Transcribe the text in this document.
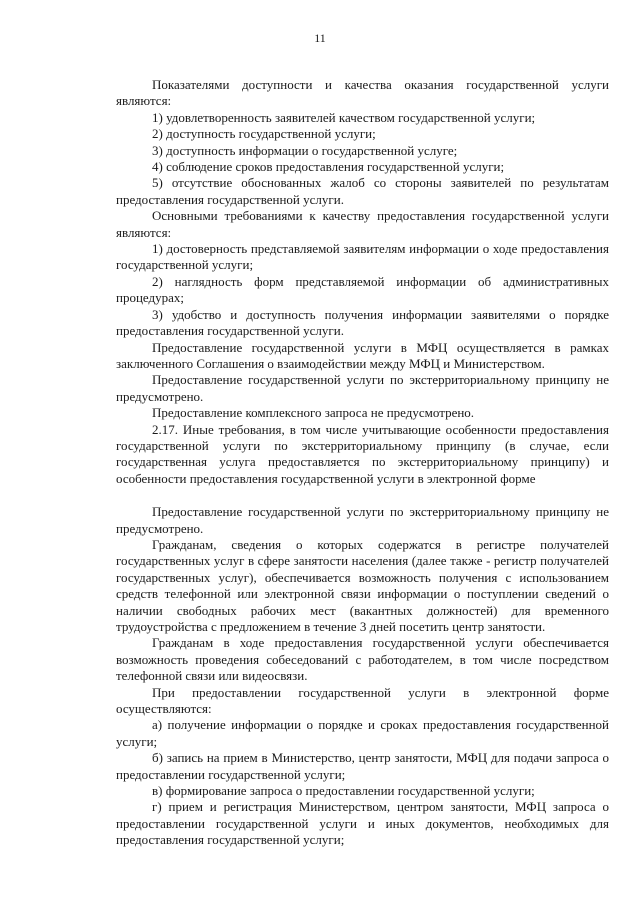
11

Показателями доступности и качества оказания государственной услуги являются:

1) удовлетворенность заявителей качеством государственной услуги;

2) доступность государственной услуги;

3) доступность информации о государственной услуге;

4) соблюдение сроков предоставления государственной услуги;

5) отсутствие обоснованных жалоб со стороны заявителей по результатам предоставления государственной услуги.

Основными требованиями к качеству предоставления государственной услуги являются:

1) достоверность представляемой заявителям информации о ходе предоставления государственной услуги;

2) наглядность форм представляемой информации об административных процедурах;

3) удобство и доступность получения информации заявителями о порядке предоставления государственной услуги.

Предоставление государственной услуги в МФЦ осуществляется в рамках заключенного Соглашения о взаимодействии между МФЦ и Министерством.

Предоставление государственной услуги по экстерриториальному принципу не предусмотрено.

Предоставление комплексного запроса не предусмотрено.

2.17. Иные требования, в том числе учитывающие особенности предоставления государственной услуги по экстерриториальному принципу (в случае, если государственная услуга предоставляется по экстерриториальному принципу) и особенности предоставления государственной услуги в электронной форме

Предоставление государственной услуги по экстерриториальному принципу не предусмотрено.

Гражданам, сведения о которых содержатся в регистре получателей государственных услуг в сфере занятости населения (далее также - регистр получателей государственных услуг), обеспечивается возможность получения с использованием средств телефонной или электронной связи информации о поступлении сведений о наличии свободных рабочих мест (вакантных должностей) для временного трудоустройства с предложением в течение 3 дней посетить центр занятости.

Гражданам в ходе предоставления государственной услуги обеспечивается возможность проведения собеседований с работодателем, в том числе посредством телефонной связи или видеосвязи.

При предоставлении государственной услуги в электронной форме осуществляются:

а) получение информации о порядке и сроках предоставления государственной услуги;

б) запись на прием в Министерство, центр занятости, МФЦ для подачи запроса о предоставлении государственной услуги;

в) формирование запроса о предоставлении государственной услуги;

г) прием и регистрация Министерством, центром занятости, МФЦ запроса о предоставлении государственной услуги и иных документов, необходимых для предоставления государственной услуги;
